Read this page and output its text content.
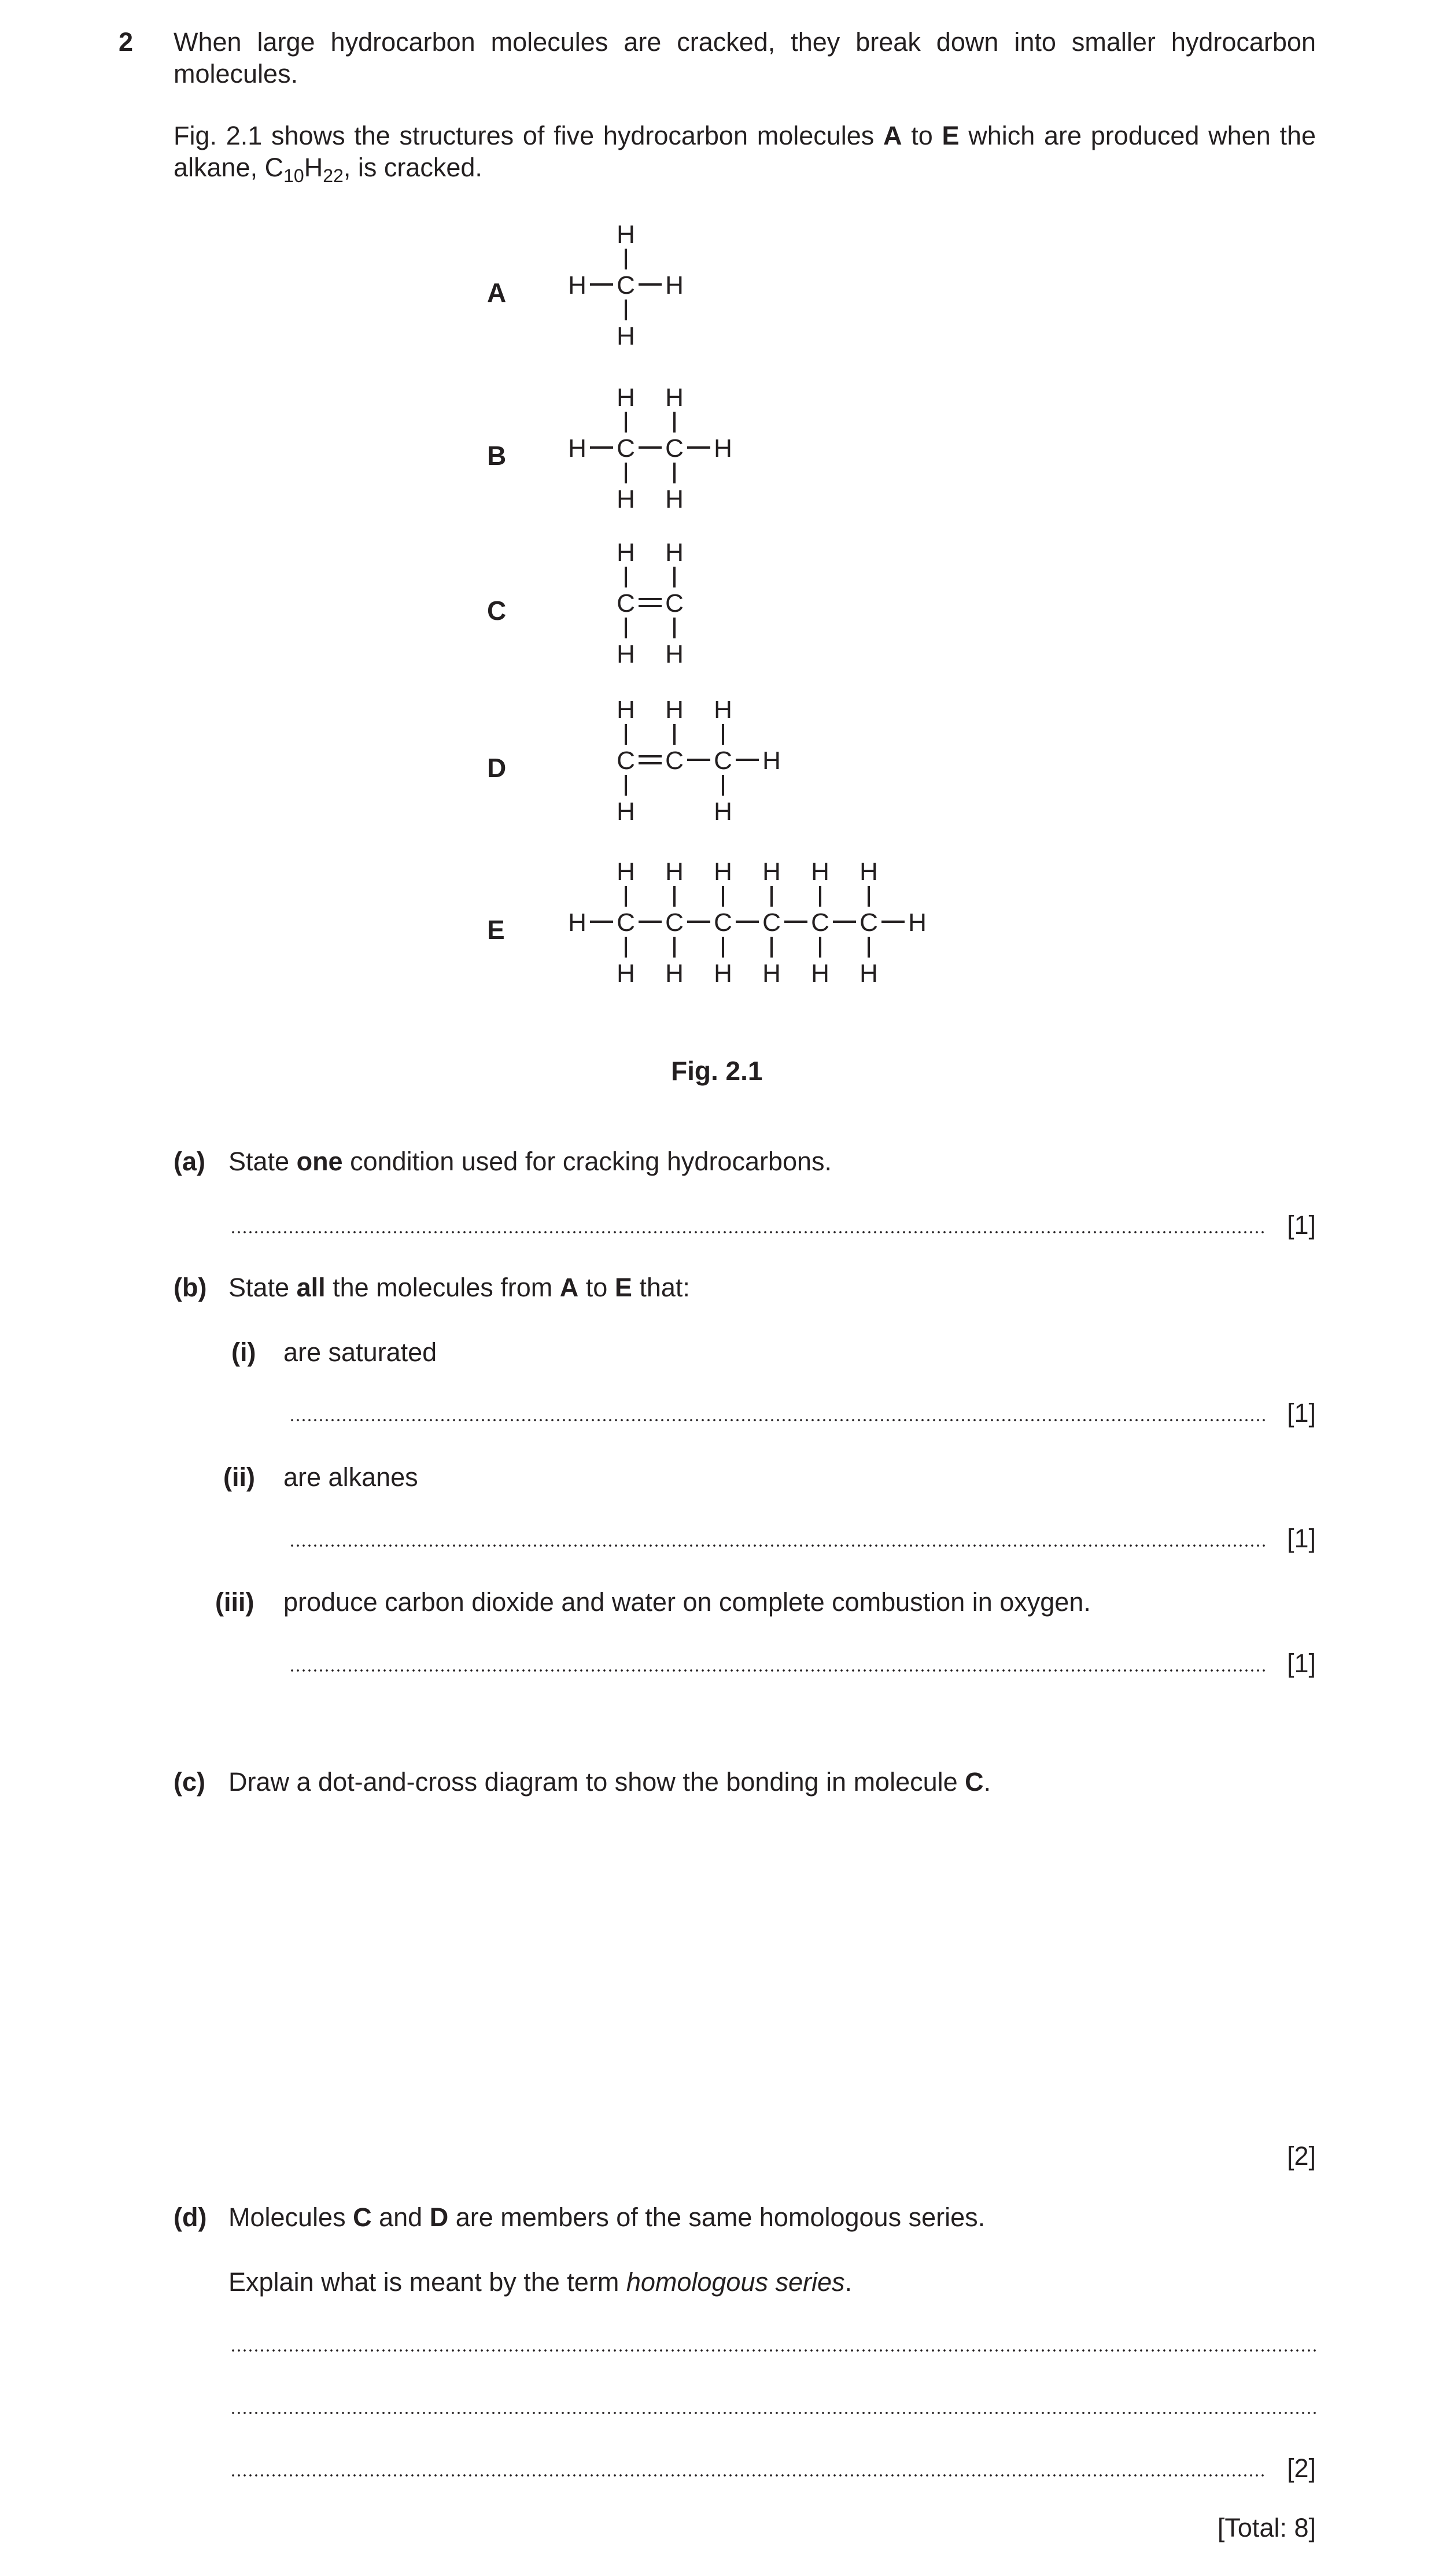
2 When large hydrocarbon molecules are cracked, they break down into smaller hydrocarbon molecules.
Fig. 2.1 shows the structures of five hydrocarbon molecules A to E which are produced when the alkane, $C_{10}H_{22}$, is cracked.
A
B
C
D
E
C
H
H
H	H
C
H
H
C
H
H
H	H
C
H
H
C
H
H
C
H
H
C
H
C
H
H
H
C
H
H
C
H
H
C
H
H
C
H
H
C
H
H
C
H
H
H	H
Fig. 2.1
(a) State one condition used for cracking hydrocarbons.
[1]
(b) State all the molecules from A to E that:
(i) are saturated
[1]
(ii) are alkanes
[1]
(iii) produce carbon dioxide and water on complete combustion in oxygen.
[1]
(c) Draw a dot-and-cross diagram to show the bonding in molecule C.
[2]
(d) Molecules C and D are members of the same homologous series.
Explain what is meant by the term homologous series.
[2]
[Total: 8]
